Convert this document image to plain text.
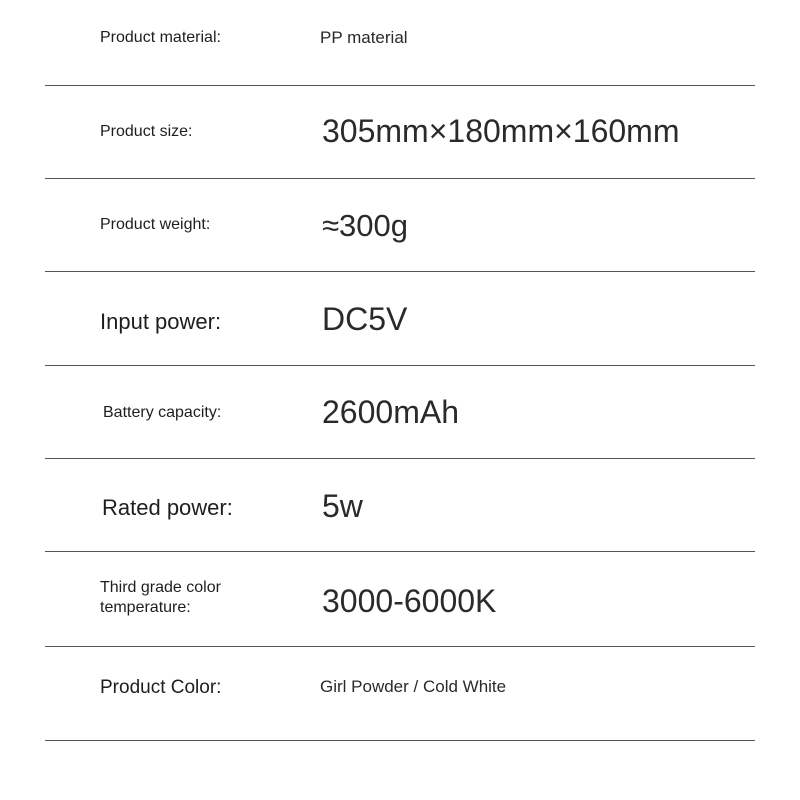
Product material:	PP material
Product size:	305mm×180mm×160mm
Product weight:	≈300g
Input power:	DC5V
Battery capacity:	2600mAh
Rated power:	5w
Third grade color temperature:	3000-6000K
Product Color:	Girl Powder / Cold White
